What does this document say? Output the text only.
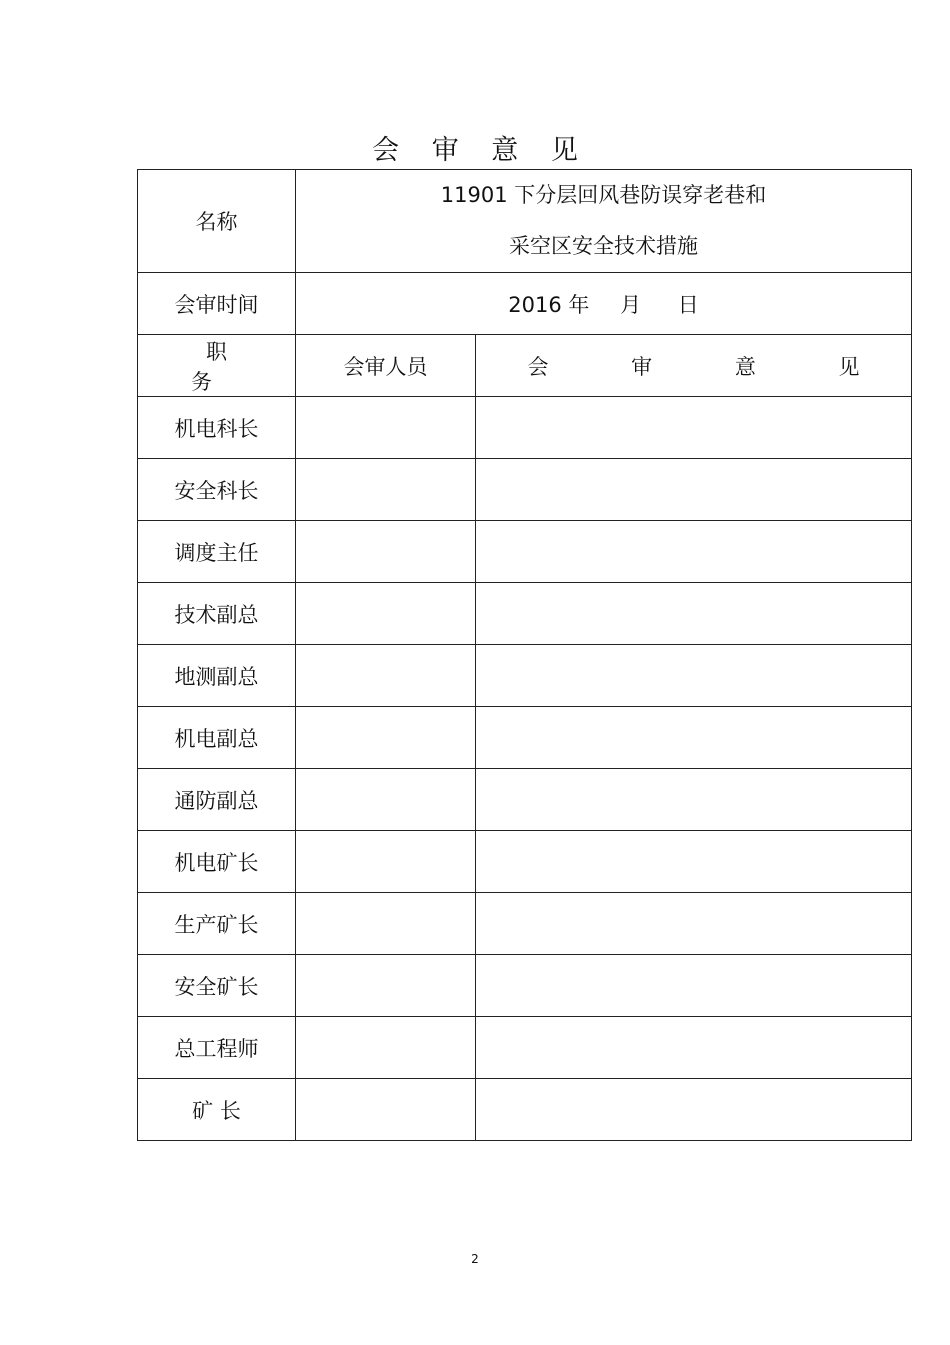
会 审 意 见
名称	11901 下分层回风巷防误穿老巷和
采空区安全技术措施	

会审时间	2016 年 月 日	
职 务	会审人员	会 审 意 见
机电科长		
安全科长		
调度主任		
技术副总		
地测副总		
机电副总		
通防副总		
机电矿长		
生产矿长		
安全矿长		
总工程师		
矿 长		
2
